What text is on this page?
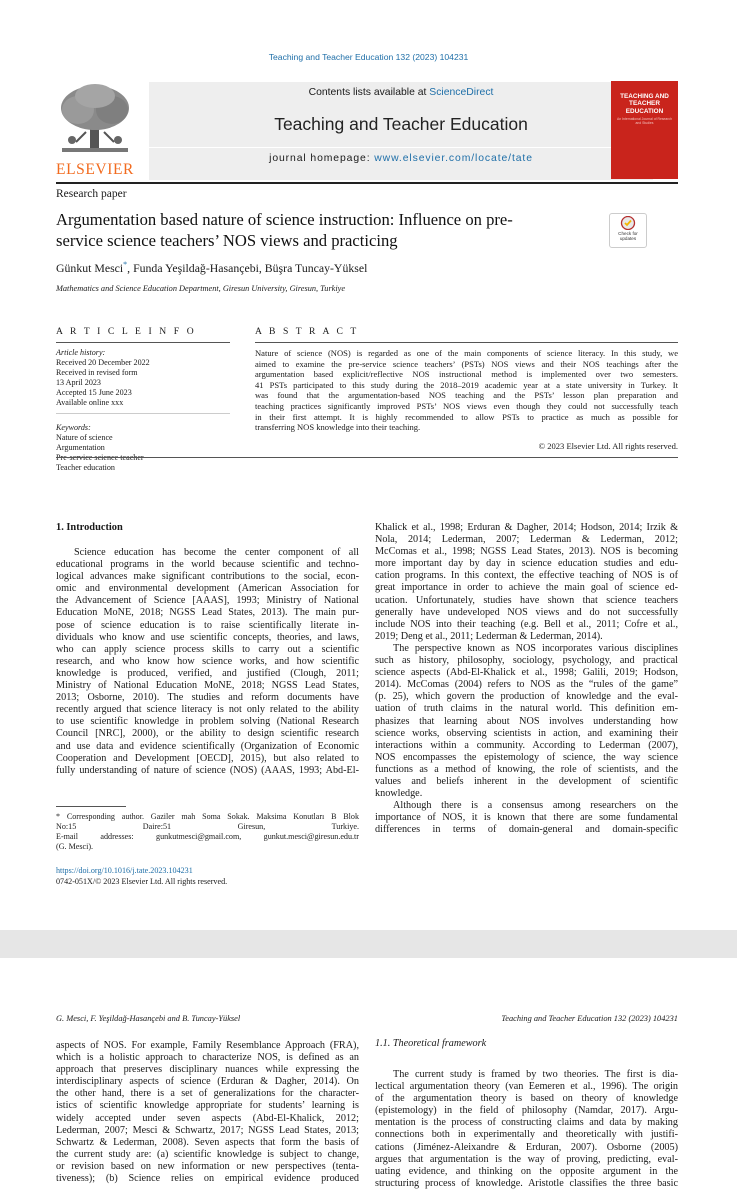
Teaching and Teacher Education 132 (2023) 104231
ELSEVIER
Contents lists available at ScienceDirect
Teaching and Teacher Education
journal homepage: www.elsevier.com/locate/tate
TEACHING AND TEACHER EDUCATION
An International Journal of Research and Studies
Research paper
Argumentation based nature of science instruction: Influence on pre-
service science teachers’ NOS views and practicing	Check for updates
Günkut Mesci*, Funda Yeşildağ-Hasançebi, Büşra Tuncay-Yüksel
Mathematics and Science Education Department, Giresun University, Giresun, Turkiye
A R T I C L E I N F O
Article history:
Received 20 December 2022
Received in revised form
13 April 2023
Accepted 15 June 2023
Available online xxx
Keywords:
Nature of science
Argumentation
Pre-service science teacher
Teacher education
A B S T R A C T
Nature of science (NOS) is regarded as one of the main components of science literacy. In this study, we
aimed to examine the pre-service science teachers’ (PSTs) NOS views and their NOS teachings after the
argumentation based explicit/reflective NOS instructional method is implemented over two semesters.
41 PSTs participated to this study during the 2018–2019 academic year at a state university in Turkey. It
was found that the argumentation-based NOS teaching and the PSTs’ lesson plan preparation and
teaching practices significantly improved PSTs’ NOS views even though they could not successfully teach
in their first attempt. It is highly recommended to allow PSTs to practice as much as possible for
transferring NOS knowledge into their teaching.
© 2023 Elsevier Ltd. All rights reserved.
1. Introduction
Science education has become the center component of all
educational programs in the world because scientific and techno-
logical advances make significant contributions to the social, econ-
omic and environmental development (American Association for
the Advancement of Science [AAAS], 1993; Ministry of National
Education MoNE, 2018; NGSS Lead States, 2013). The main pur-
pose of science education is to raise scientifically literate in-
dividuals who know and use scientific concepts, theories, and laws,
who can apply science process skills to carry out a scientific
research, and who know how science works, and how scientific
knowledge is produced, verified, and justified (Clough, 2011;
Ministry of National Education MoNE, 2018; NGSS Lead States,
2013; Osborne, 2010). The studies and reform documents have
recently argued that science literacy is not only related to the ability
to use scientific knowledge in problem solving (National Research
Council [NRC], 2000), or the ability to design scientific research
and use data and evidence scientifically (Organization of Economic
Cooperation and Development [OECD], 2015), but also related to
fully understanding of nature of science (NOS) (AAAS, 1993; Abd-El-
Khalick et al., 1998; Erduran & Dagher, 2014; Hodson, 2014; Irzik &
Nola, 2014; Lederman, 2007; Lederman & Lederman, 2012;
McComas et al., 1998; NGSS Lead States, 2013). NOS is becoming
more important day by day in science education studies and edu-
cation programs. In this context, the effective teaching of NOS is of
great importance in order to achieve the main goal of science ed-
ucation. Unfortunately, studies have shown that science teachers
generally have undeveloped NOS views and do not successfully
include NOS into their teaching (e.g. Bell et al., 2011; Cofre et al.,
2019; Deng et al., 2011; Lederman & Lederman, 2014).
The perspective known as NOS incorporates various disciplines
such as history, philosophy, sociology, psychology, and practical
science aspects (Abd-El-Khalick et al., 1998; Galili, 2019; Hodson,
2014). McComas (2004) refers to NOS as the “rules of the game”
(p. 25), which govern the production of knowledge and the eval-
uation of truth claims in the natural world. This definition em-
phasizes that learning about NOS involves understanding how
science works, observing scientists in action, and examining their
interactions within a community. According to Lederman (2007),
NOS encompasses the epistemology of science, the way science
functions as a method of knowing, the role of scientists, and the
values and beliefs inherent in the development of scientific
knowledge.
Although there is a consensus among researchers on the
importance of NOS, it is known that there are some fundamental
differences in terms of domain-general and domain-specific
* Corresponding author. Gaziler mah Soma Sokak. Maksima Konutları B Blok
No:15 Daire:51 Giresun, Turkiye.
E-mail addresses: gunkutmesci@gmail.com, gunkut.mesci@giresun.edu.tr
(G. Mesci).
https://doi.org/10.1016/j.tate.2023.104231
0742-051X/© 2023 Elsevier Ltd. All rights reserved.
G. Mesci, F. Yeşildağ-Hasançebi and B. Tuncay-Yüksel	Teaching and Teacher Education 132 (2023) 104231
aspects of NOS. For example, Family Resemblance Approach (FRA),
which is a holistic approach to characterize NOS, is defined as an
approach that preserves disciplinary nuances while expressing the
interdisciplinary aspects of science (Erduran & Dagher, 2014). On
the other hand, there is a set of generalizations for the character-
istics of scientific knowledge appropriate for students’ learning is
widely accepted under seven aspects (Abd-El-Khalick, 2012;
Lederman, 2007; Mesci & Schwartz, 2017; NGSS Lead States, 2013;
Schwartz & Lederman, 2008). Seven aspects that form the basis of
the current study are: (a) scientific knowledge is subject to change,
or revision based on new information or new perspectives (tenta-
tiveness); (b) Science relies on empirical evidence produced
1.1. Theoretical framework
The current study is framed by two theories. The first is dia-
lectical argumentation theory (van Eemeren et al., 1996). The origin
of the argumentation theory is based on theory of knowledge
(epistemology) in the field of philosophy (Namdar, 2017). Argu-
mentation is the process of constructing claims and data by making
connections both in experimentally and theoretically with justifi-
cations (Jiménez-Aleixandre & Erduran, 2007). Osborne (2005)
argues that argumentation is the way of proving, predicting, eval-
uating evidence, and thinking on the opposite argument in the
structuring process of knowledge. Aristotle classifies the three basic
